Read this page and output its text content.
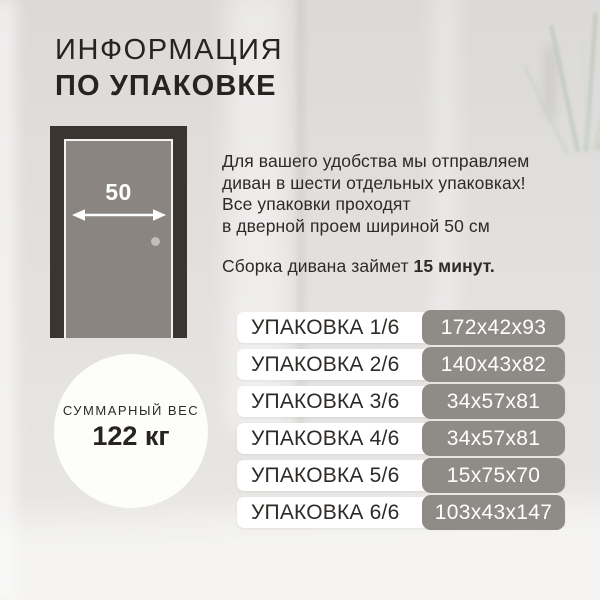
ИНФОРМАЦИЯ
ПО УПАКОВКЕ
50
Для вашего удобства мы отправляем
диван в шести отдельных упаковках!
Все упаковки проходят
в дверной проем шириной 50 см
Сборка дивана займет 15 минут.
УПАКОВКА 1/6	172x42x93
УПАКОВКА 2/6	140x43x82
УПАКОВКА 3/6	34x57x81
УПАКОВКА 4/6	34x57x81
УПАКОВКА 5/6	15x75x70
УПАКОВКА 6/6	103x43x147
СУММАРНЫЙ ВЕС
122 кг
